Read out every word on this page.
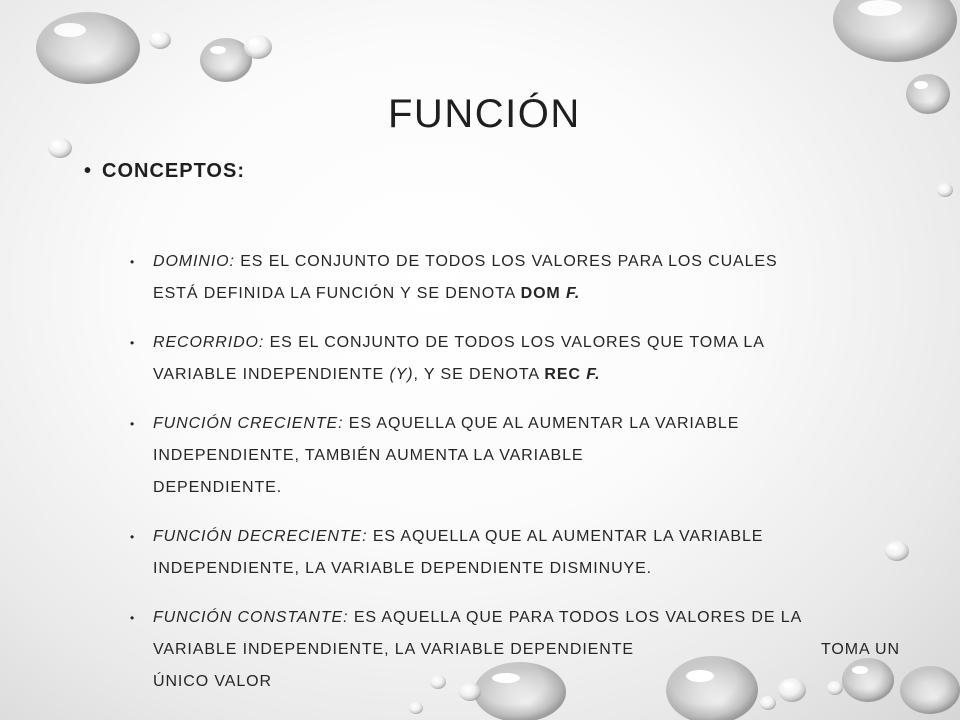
FUNCIÓN
• CONCEPTOS:
• DOMINIO: ES EL CONJUNTO DE TODOS LOS VALORES PARA LOS CUALES
ESTÁ DEFINIDA LA FUNCIÓN Y SE DENOTA DOM F.
• RECORRIDO: ES EL CONJUNTO DE TODOS LOS VALORES QUE TOMA LA
VARIABLE INDEPENDIENTE (Y), Y SE DENOTA REC F.
• FUNCIÓN CRECIENTE: ES AQUELLA QUE AL AUMENTAR LA VARIABLE
INDEPENDIENTE, TAMBIÉN AUMENTA LA VARIABLE
DEPENDIENTE.
• FUNCIÓN DECRECIENTE: ES AQUELLA QUE AL AUMENTAR LA VARIABLE
INDEPENDIENTE, LA VARIABLE DEPENDIENTE DISMINUYE.
• FUNCIÓN CONSTANTE: ES AQUELLA QUE PARA TODOS LOS VALORES DE LA
VARIABLE INDEPENDIENTE, LA VARIABLE DEPENDIENTE	TOMA UN
ÚNICO VALOR
